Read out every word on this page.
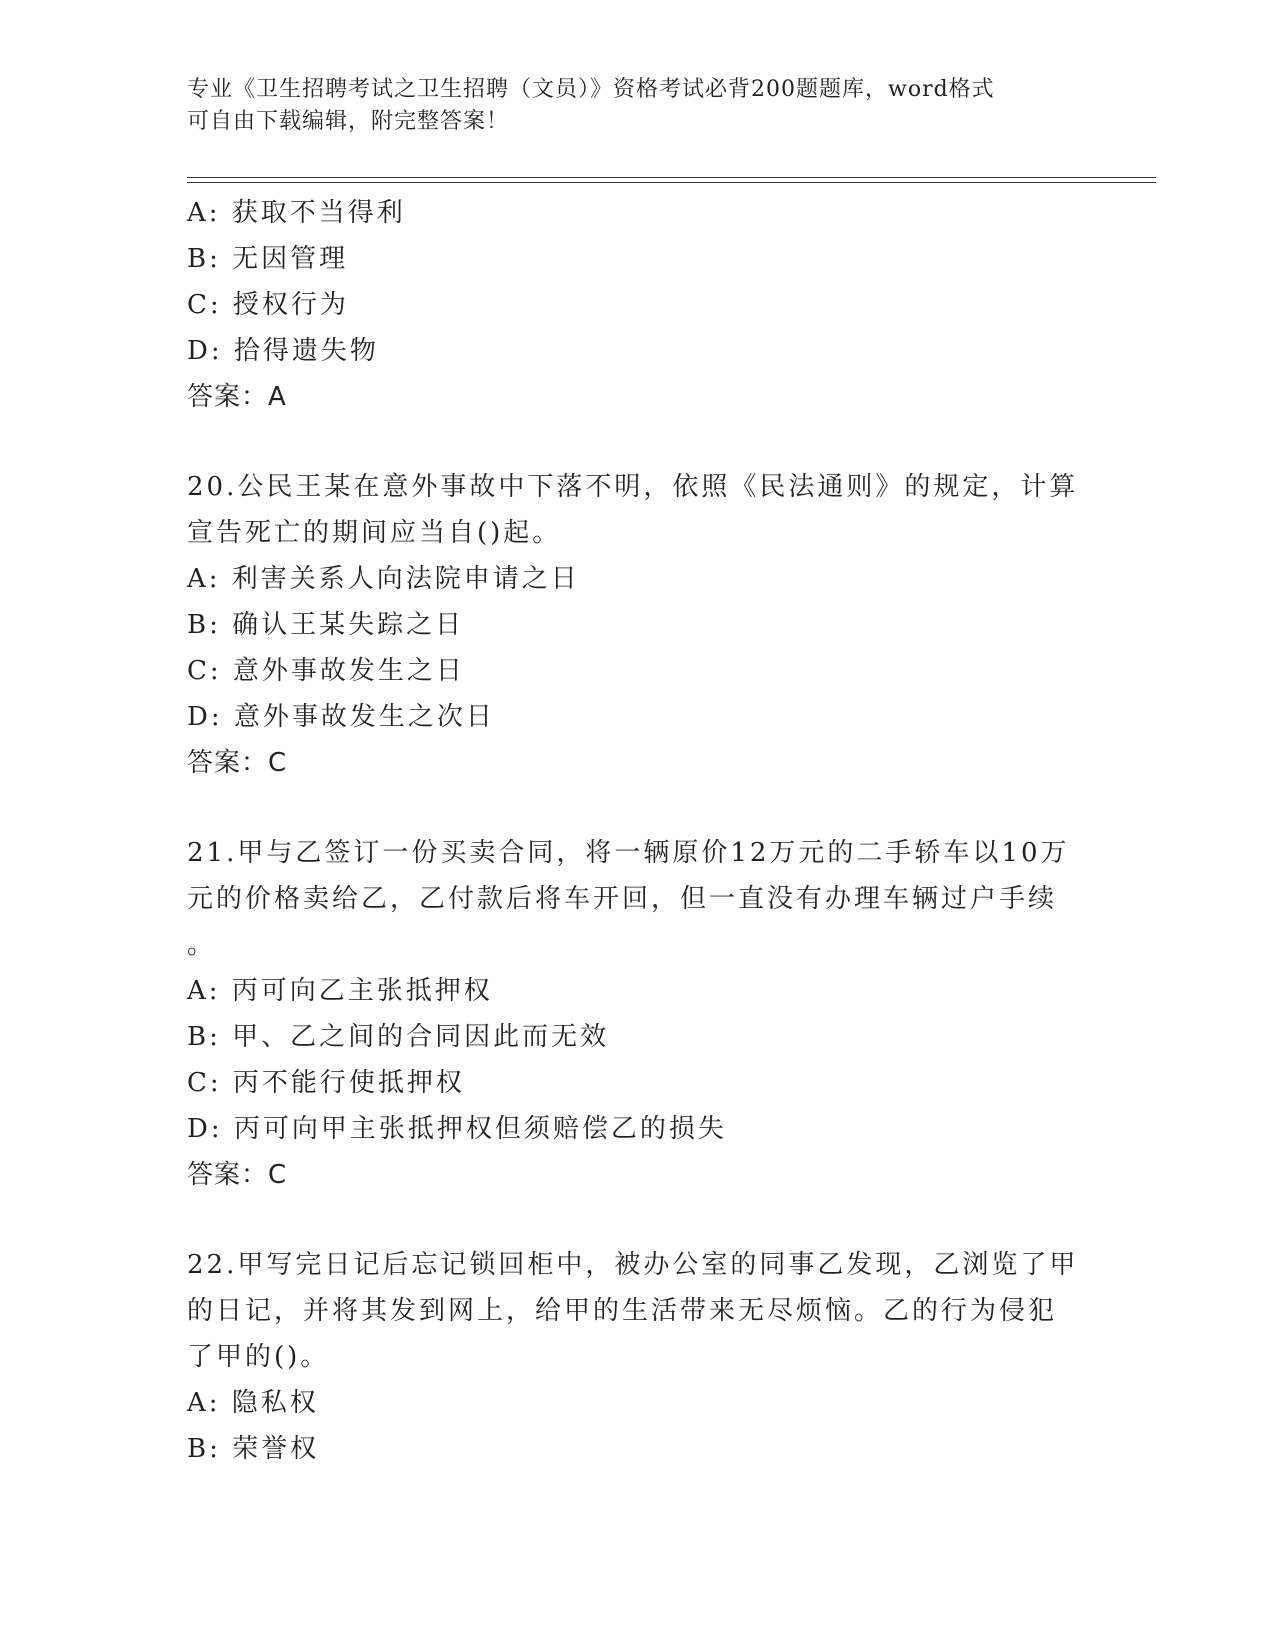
专业《卫生招聘考试之卫生招聘（文员）》资格考试必背200题题库，word格式
可自由下载编辑，附完整答案！
A: 获取不当得利
B: 无因管理
C: 授权行为
D: 拾得遗失物
答案：A
20.公民王某在意外事故中下落不明，依照《民法通则》的规定，计算
宣告死亡的期间应当自()起。
A: 利害关系人向法院申请之日
B: 确认王某失踪之日
C: 意外事故发生之日
D: 意外事故发生之次日
答案：C
21.甲与乙签订一份买卖合同，将一辆原价12万元的二手轿车以10万
元的价格卖给乙，乙付款后将车开回，但一直没有办理车辆过户手续
。
A: 丙可向乙主张抵押权
B: 甲、乙之间的合同因此而无效
C: 丙不能行使抵押权
D: 丙可向甲主张抵押权但须赔偿乙的损失
答案：C
22.甲写完日记后忘记锁回柜中，被办公室的同事乙发现，乙浏览了甲
的日记，并将其发到网上，给甲的生活带来无尽烦恼。乙的行为侵犯
了甲的()。
A: 隐私权
B: 荣誉权
